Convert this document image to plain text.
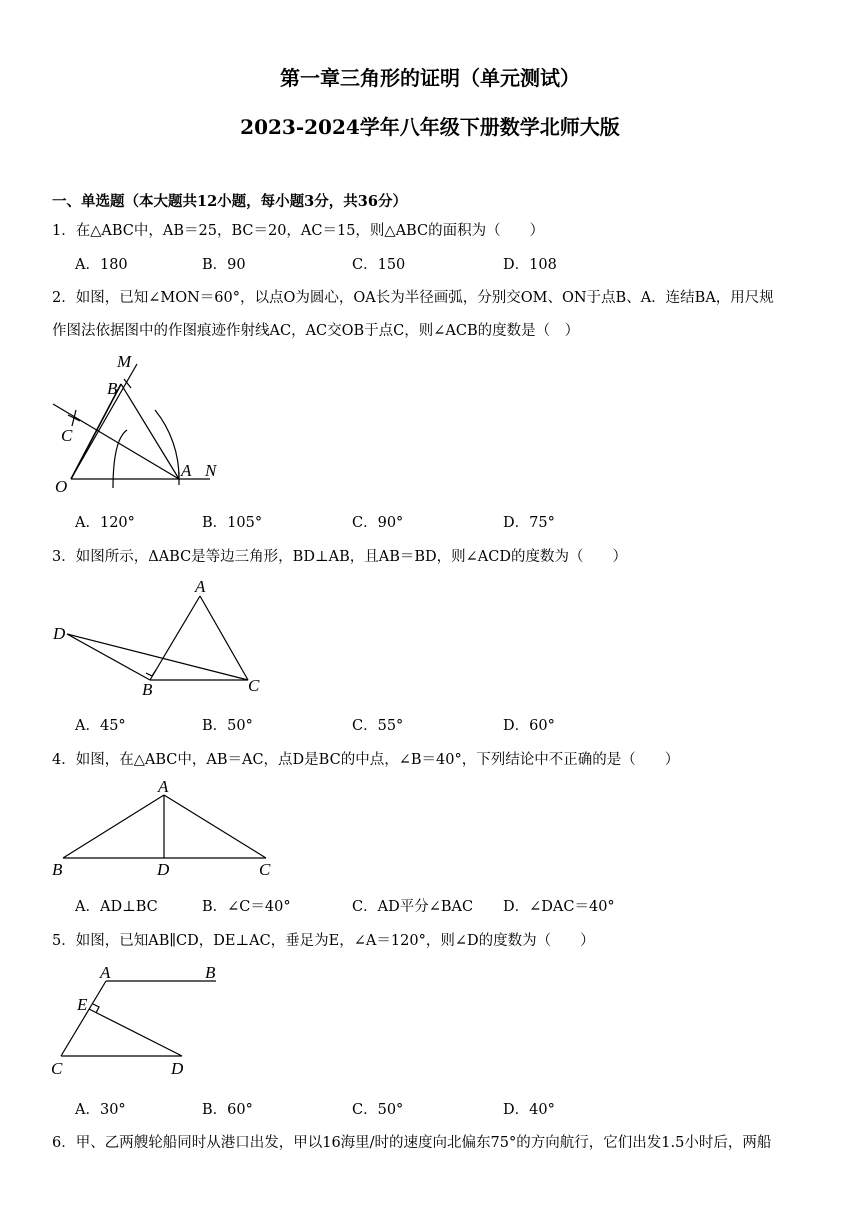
第一章三角形的证明（单元测试）
2023-2024学年八年级下册数学北师大版
一、单选题（本大题共12小题，每小题3分，共36分）
1．在△ABC中，AB＝25，BC＝20，AC＝15，则△ABC的面积为（　　）
A．180	B．90	C．150	D．108
2．如图，已知∠MON＝60°，以点O为圆心，OA长为半径画弧，分别交OM、ON于点B、A．连结BA，用尺规
作图法依据图中的作图痕迹作射线AC，AC交OB于点C，则∠ACB的度数是（　）
M
B
C
O
A N
A．120°	B．105°	C．90°	D．75°
3．如图所示，ΔABC是等边三角形，BD⊥AB，且AB＝BD，则∠ACD的度数为（　　）
A
D
B	C
A．45°	B．50°	C．55°	D．60°
4．如图，在△ABC中，AB＝AC，点D是BC的中点，∠B＝40°，下列结论中不正确的是（　　）
A
B	D	C
A．AD⊥BC	B．∠C＝40°	C．AD平分∠BAC D．∠DAC＝40°
5．如图，已知AB∥CD，DE⊥AC，垂足为E，∠A＝120°，则∠D的度数为（　　）
A	B
E
C	D
A．30°	B．60°	C．50°	D．40°
6．甲、乙两艘轮船同时从港口出发，甲以16海里/时的速度向北偏东75°的方向航行，它们出发1.5小时后，两船
